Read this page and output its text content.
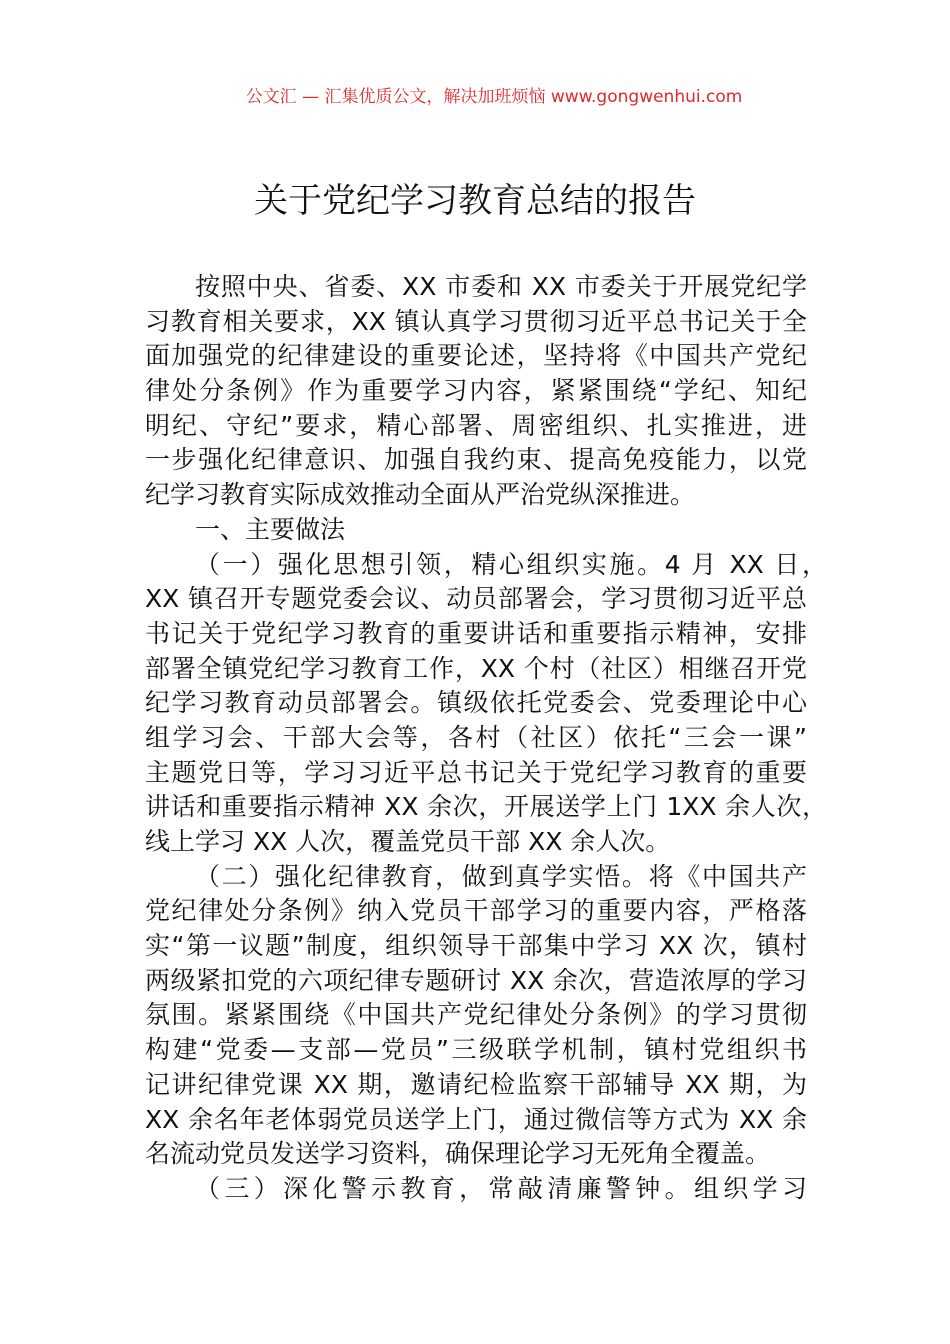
公文汇 — 汇集优质公文，解决加班烦恼 www.gongwenhui.com
关于党纪学习教育总结的报告
按照中央、省委、XX 市委和 XX 市委关于开展党纪学
习教育相关要求，XX 镇认真学习贯彻习近平总书记关于全
面加强党的纪律建设的重要论述，坚持将《中国共产党纪
律处分条例》作为重要学习内容，紧紧围绕“学纪、知纪
明纪、守纪”要求，精心部署、周密组织、扎实推进，进
一步强化纪律意识、加强自我约束、提高免疫能力，以党
纪学习教育实际成效推动全面从严治党纵深推进。
一、主要做法
（一）强化思想引领，精心组织实施。4 月 XX 日，
XX 镇召开专题党委会议、动员部署会，学习贯彻习近平总
书记关于党纪学习教育的重要讲话和重要指示精神，安排
部署全镇党纪学习教育工作，XX 个村（社区）相继召开党
纪学习教育动员部署会。镇级依托党委会、党委理论中心
组学习会、干部大会等，各村（社区）依托“三会一课”
主题党日等，学习习近平总书记关于党纪学习教育的重要
讲话和重要指示精神 XX 余次，开展送学上门 1XX 余人次，
线上学习 XX 人次，覆盖党员干部 XX 余人次。
（二）强化纪律教育，做到真学实悟。将《中国共产
党纪律处分条例》纳入党员干部学习的重要内容，严格落
实“第一议题”制度，组织领导干部集中学习 XX 次，镇村
两级紧扣党的六项纪律专题研讨 XX 余次，营造浓厚的学习
氛围。紧紧围绕《中国共产党纪律处分条例》的学习贯彻
构建“党委—支部—党员”三级联学机制，镇村党组织书
记讲纪律党课 XX 期，邀请纪检监察干部辅导 XX 期，为
XX 余名年老体弱党员送学上门，通过微信等方式为 XX 余
名流动党员发送学习资料，确保理论学习无死角全覆盖。
（三）深化警示教育，常敲清廉警钟。组织学习
